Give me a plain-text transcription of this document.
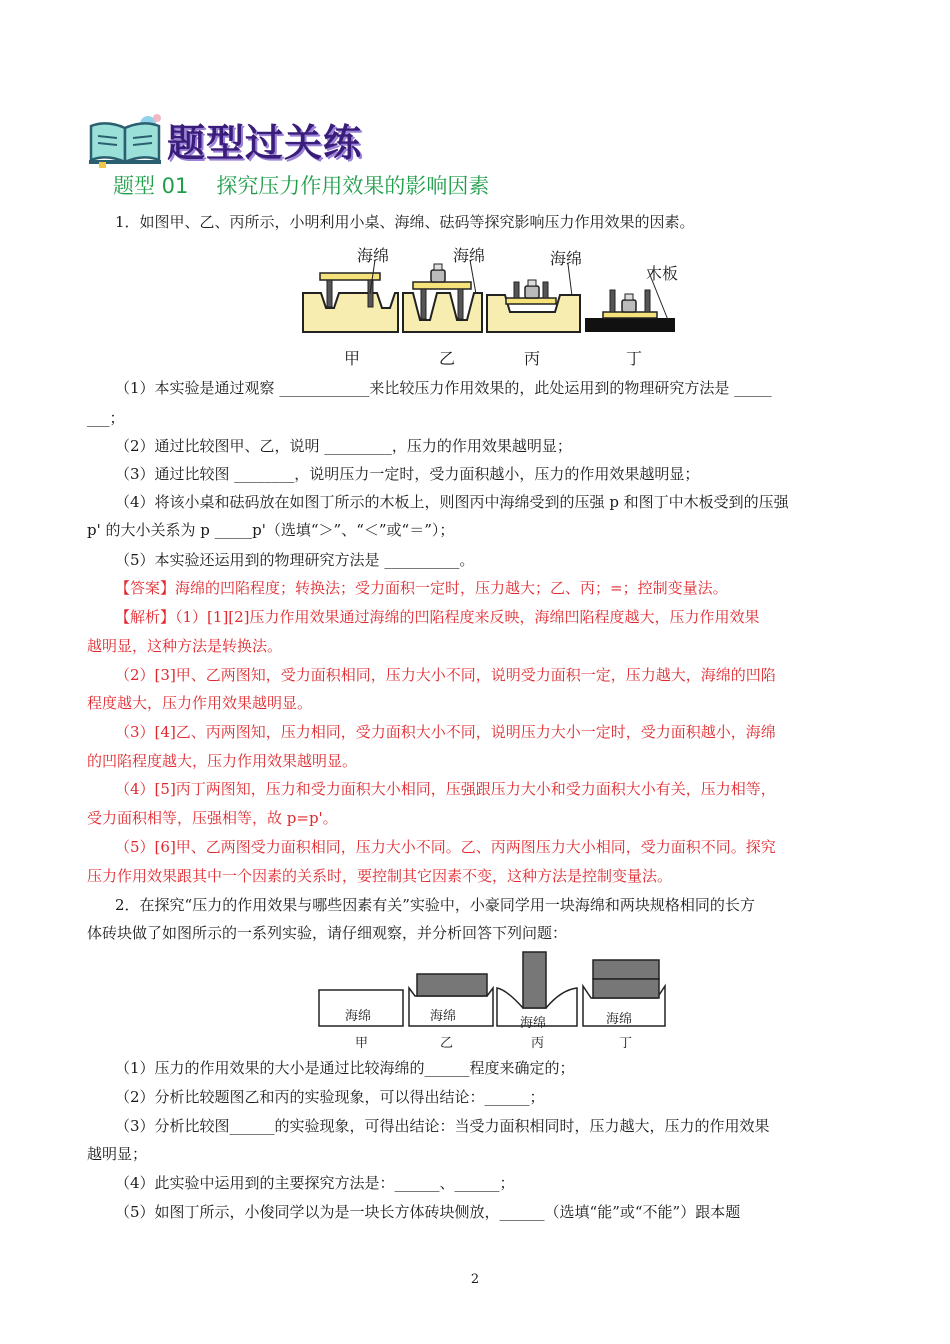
题型过关练
题型 01 探究压力作用效果的影响因素
1．如图甲、乙、丙所示，小明利用小桌、海绵、砝码等探究影响压力作用效果的因素。
海绵	海绵	海绵
木板
甲	乙	丙	丁
（1）本实验是通过观察 ____________来比较压力作用效果的，此处运用到的物理研究方法是 _____
___；
（2）通过比较图甲、乙，说明 _________，压力的作用效果越明显；
（3）通过比较图 ________，说明压力一定时，受力面积越小，压力的作用效果越明显；
（4）将该小桌和砝码放在如图丁所示的木板上，则图丙中海绵受到的压强 p 和图丁中木板受到的压强
p' 的大小关系为 p _____p'（选填“＞”、“＜”或“＝”）；
（5）本实验还运用到的物理研究方法是 __________。
【答案】海绵的凹陷程度；转换法；受力面积一定时，压力越大；乙、丙；=；控制变量法。
【解析】（1）[1][2]压力作用效果通过海绵的凹陷程度来反映，海绵凹陷程度越大，压力作用效果
越明显，这种方法是转换法。
（2）[3]甲、乙两图知，受力面积相同，压力大小不同，说明受力面积一定，压力越大，海绵的凹陷
程度越大，压力作用效果越明显。
（3）[4]乙、丙两图知，压力相同，受力面积大小不同，说明压力大小一定时，受力面积越小，海绵
的凹陷程度越大，压力作用效果越明显。
（4）[5]丙丁两图知，压力和受力面积大小相同，压强跟压力大小和受力面积大小有关，压力相等，
受力面积相等，压强相等，故 p=p'。
（5）[6]甲、乙两图受力面积相同，压力大小不同。乙、丙两图压力大小相同，受力面积不同。探究
压力作用效果跟其中一个因素的关系时，要控制其它因素不变，这种方法是控制变量法。
2．在探究“压力的作用效果与哪些因素有关”实验中，小豪同学用一块海绵和两块规格相同的长方
体砖块做了如图所示的一系列实验，请仔细观察，并分析回答下列问题：
海绵	海绵	海绵	海绵
甲	乙	丙	丁
（1）压力的作用效果的大小是通过比较海绵的______程度来确定的；
（2）分析比较题图乙和丙的实验现象，可以得出结论：______；
（3）分析比较图______的实验现象，可得出结论：当受力面积相同时，压力越大，压力的作用效果
越明显；
（4）此实验中运用到的主要探究方法是：______、______；
（5）如图丁所示，小俊同学以为是一块长方体砖块侧放，______（选填“能”或“不能”）跟本题
2
